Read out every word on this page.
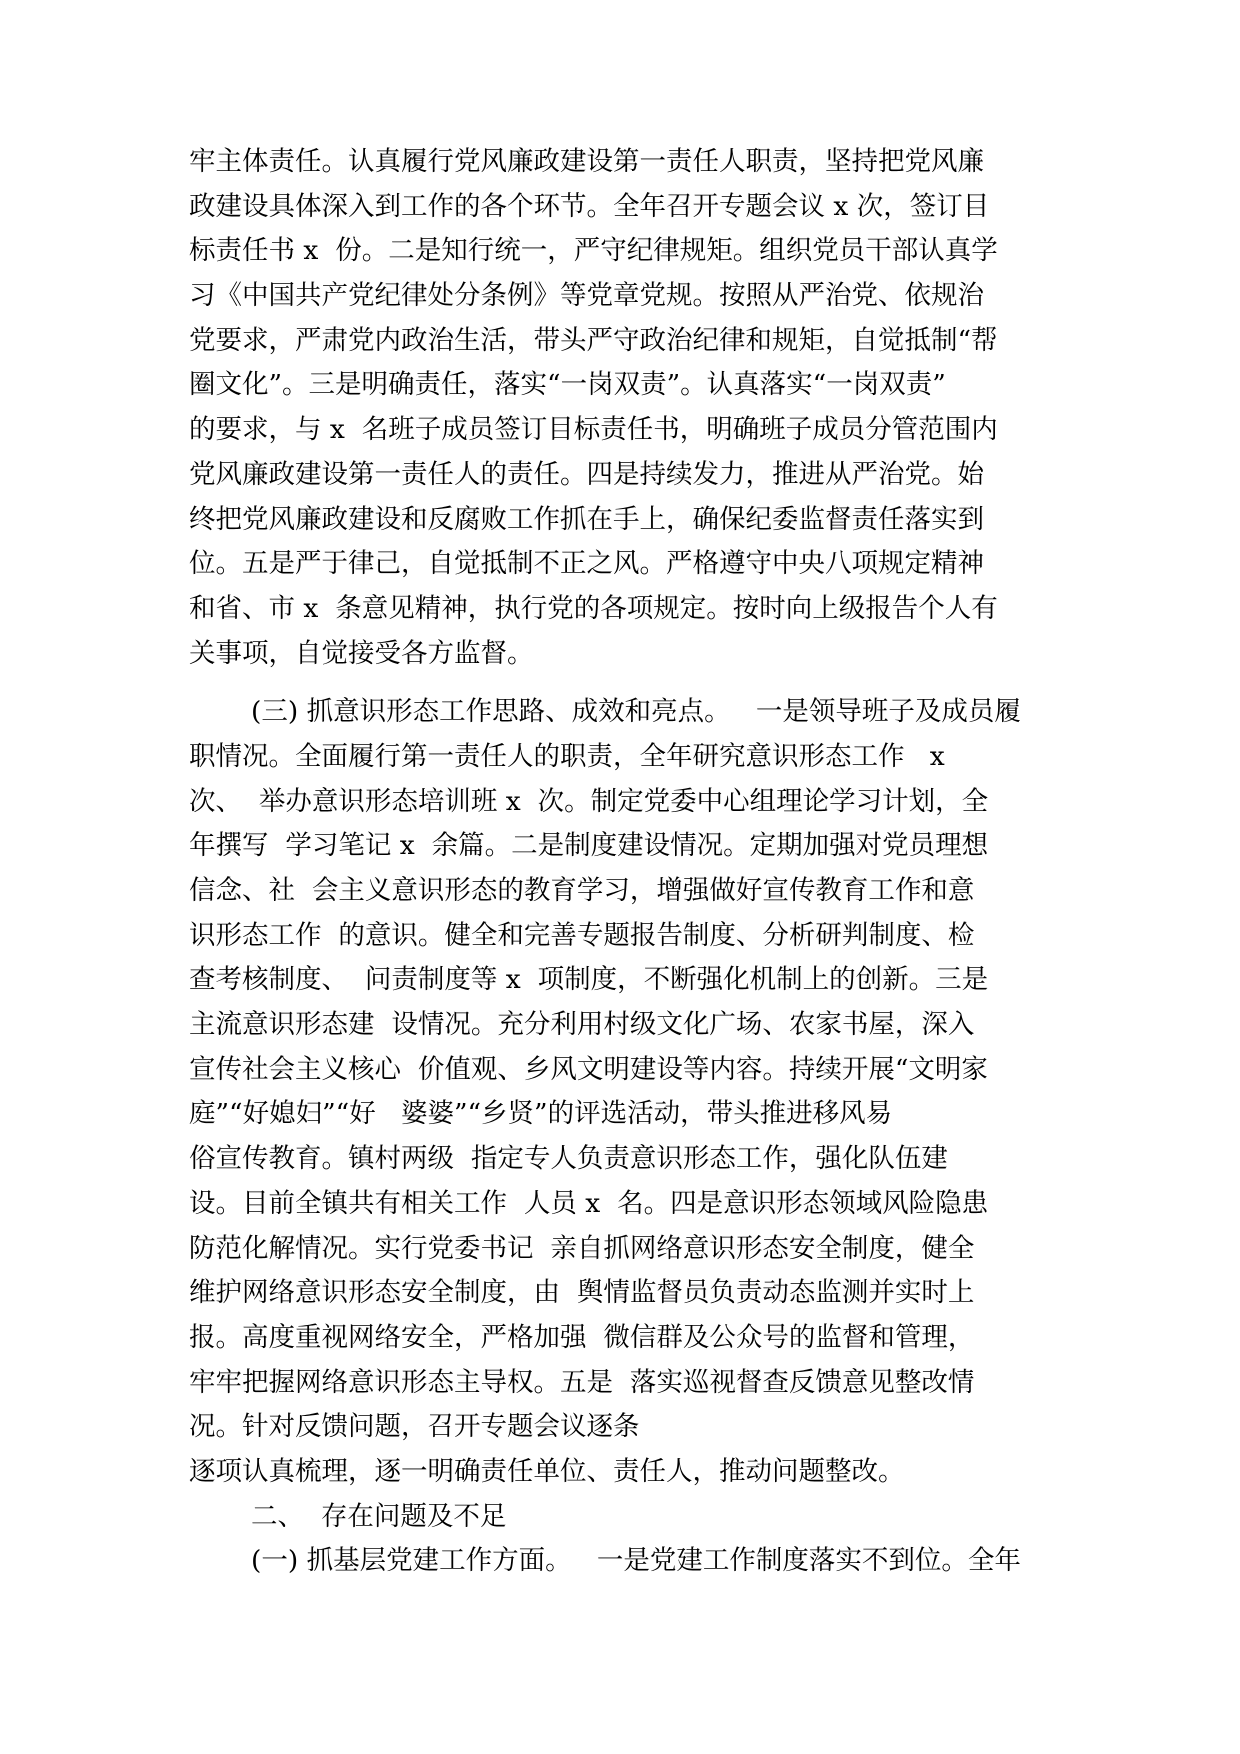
牢主体责任。认真履行党风廉政建设第一责任人职责，坚持把党风廉
政建设具体深入到工作的各个环节。全年召开专题会议 x 次，签订目
标责任书 x  份。二是知行统一，严守纪律规矩。组织党员干部认真学
习《中国共产党纪律处分条例》等党章党规。按照从严治党、依规治
党要求，严肃党内政治生活，带头严守政治纪律和规矩，自觉抵制“帮
圈文化”。三是明确责任，落实“一岗双责”。认真落实“一岗双责”
的要求，与 x  名班子成员签订目标责任书，明确班子成员分管范围内
党风廉政建设第一责任人的责任。四是持续发力，推进从严治党。始
终把党风廉政建设和反腐败工作抓在手上，确保纪委监督责任落实到
位。五是严于律己，自觉抵制不正之风。严格遵守中央八项规定精神
和省、市 x  条意见精神，执行党的各项规定。按时向上级报告个人有
关事项，自觉接受各方监督。
(三) 抓意识形态工作思路、成效和亮点。   一是领导班子及成员履
职情况。全面履行第一责任人的职责，全年研究意识形态工作   x
次、  举办意识形态培训班 x  次。制定党委中心组理论学习计划，全
年撰写  学习笔记 x  余篇。二是制度建设情况。定期加强对党员理想
信念、社  会主义意识形态的教育学习，增强做好宣传教育工作和意
识形态工作  的意识。健全和完善专题报告制度、分析研判制度、检
查考核制度、  问责制度等 x  项制度，不断强化机制上的创新。三是
主流意识形态建  设情况。充分利用村级文化广场、农家书屋，深入
宣传社会主义核心  价值观、乡风文明建设等内容。持续开展“文明家
庭”“好媳妇”“好   婆婆”“乡贤”的评选活动，带头推进移风易
俗宣传教育。镇村两级  指定专人负责意识形态工作，强化队伍建
设。目前全镇共有相关工作  人员 x  名。四是意识形态领域风险隐患
防范化解情况。实行党委书记  亲自抓网络意识形态安全制度，健全
维护网络意识形态安全制度，由  舆情监督员负责动态监测并实时上
报。高度重视网络安全，严格加强  微信群及公众号的监督和管理，
牢牢把握网络意识形态主导权。五是  落实巡视督查反馈意见整改情
况。针对反馈问题，召开专题会议逐条
逐项认真梳理，逐一明确责任单位、责任人，推动问题整改。
二、  存在问题及不足
(一) 抓基层党建工作方面。   一是党建工作制度落实不到位。全年
